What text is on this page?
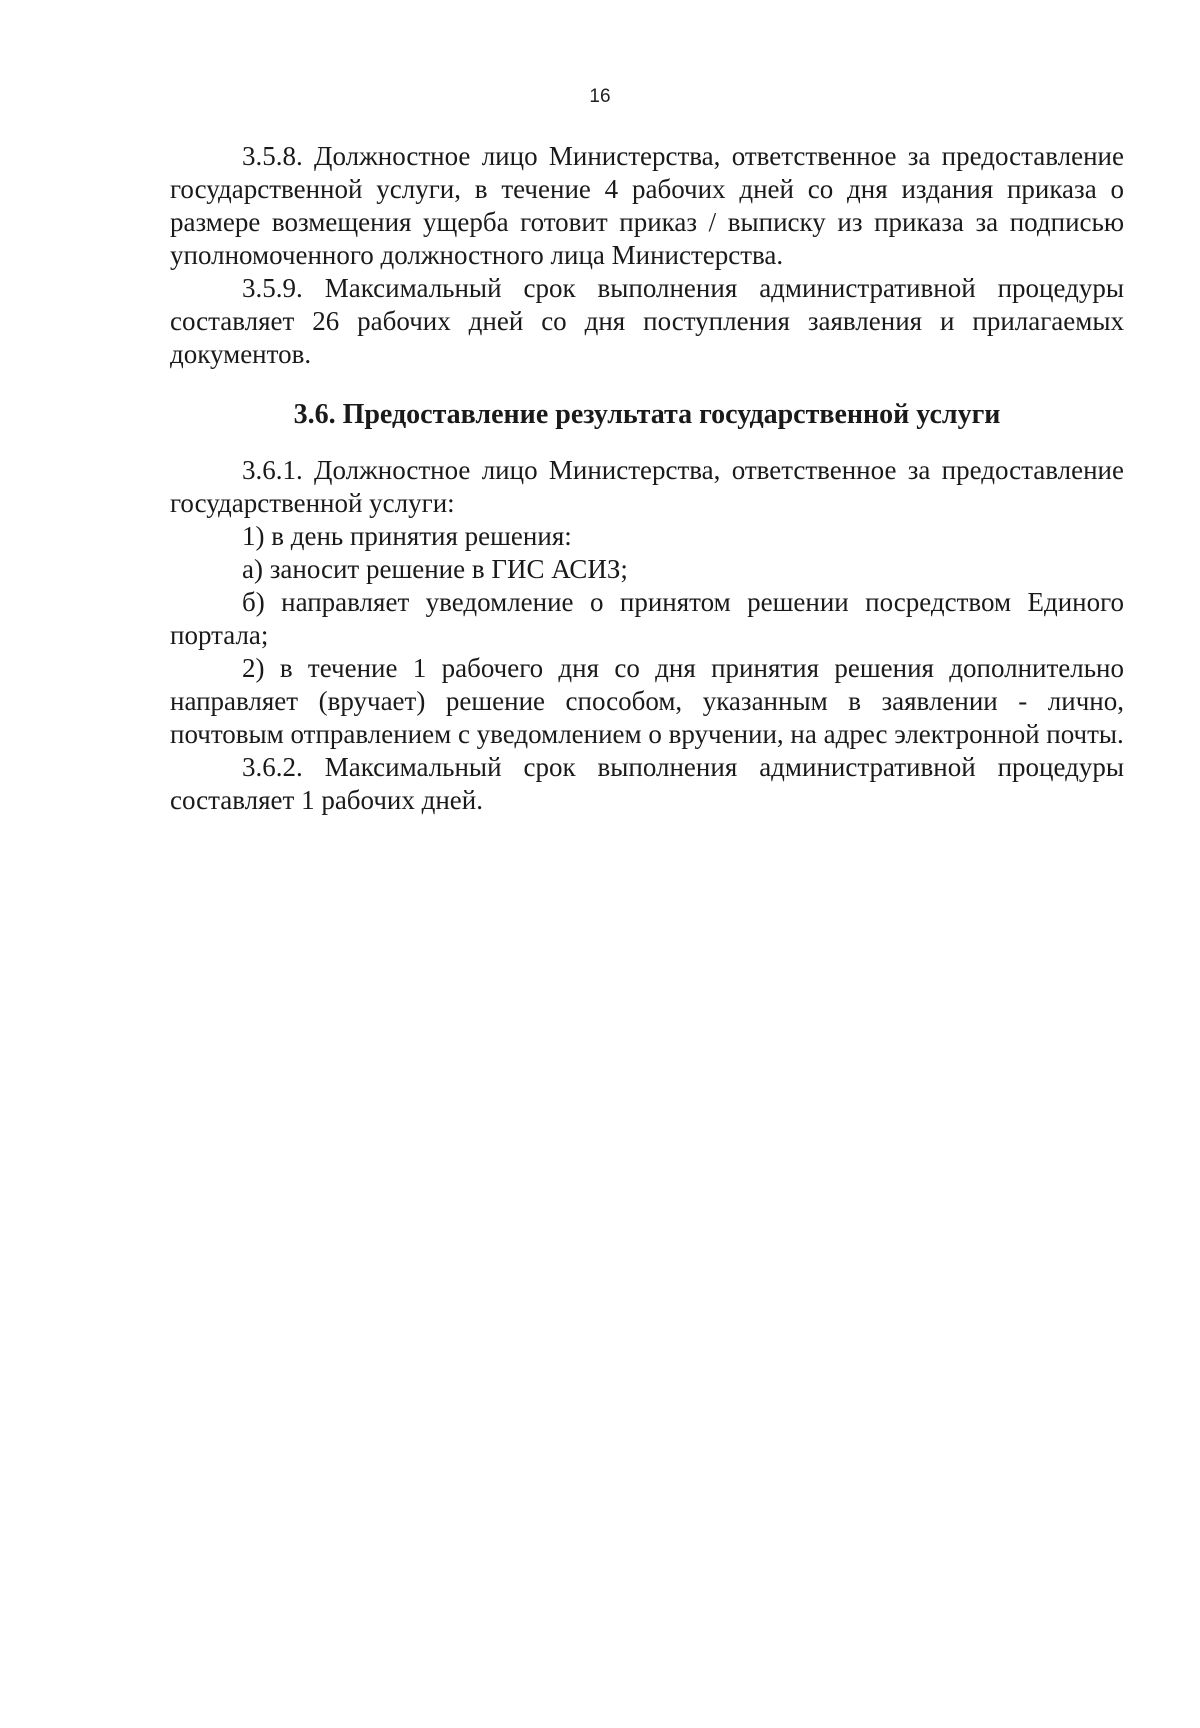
16

3.5.8. Должностное лицо Министерства, ответственное за предоставление государственной услуги, в течение 4 рабочих дней со дня издания приказа о размере возмещения ущерба готовит приказ / выписку из приказа за подписью уполномоченного должностного лица Министерства.

3.5.9. Максимальный срок выполнения административной процедуры составляет 26 рабочих дней со дня поступления заявления и прилагаемых документов.

3.6. Предоставление результата государственной услуги

3.6.1. Должностное лицо Министерства, ответственное за предоставление государственной услуги:

1) в день принятия решения:

а) заносит решение в ГИС АСИЗ;

б) направляет уведомление о принятом решении посредством Единого портала;

2) в течение 1 рабочего дня со дня принятия решения дополнительно направляет (вручает) решение способом, указанным в заявлении - лично, почтовым отправлением с уведомлением о вручении, на адрес электронной почты.

3.6.2. Максимальный срок выполнения административной процедуры составляет 1 рабочих дней.
